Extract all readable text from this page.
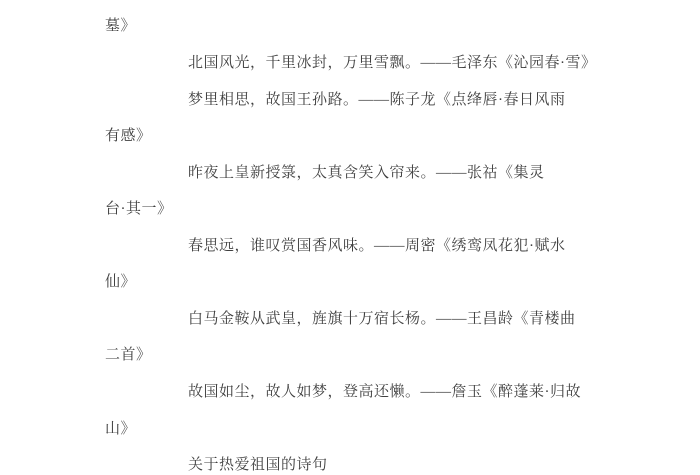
墓》
北国风光，千里冰封，万里雪飘。——毛泽东《沁园春·雪》
梦里相思，故国王孙路。——陈子龙《点绛唇·春日风雨
有感》
昨夜上皇新授箓，太真含笑入帘来。——张祜《集灵
台·其一》
春思远，谁叹赏国香风味。——周密《绣鸾凤花犯·赋水
仙》
白马金鞍从武皇，旌旗十万宿长杨。——王昌龄《青楼曲
二首》
故国如尘，故人如梦，登高还懒。——詹玉《醉蓬莱·归故
山》
关于热爱祖国的诗句
